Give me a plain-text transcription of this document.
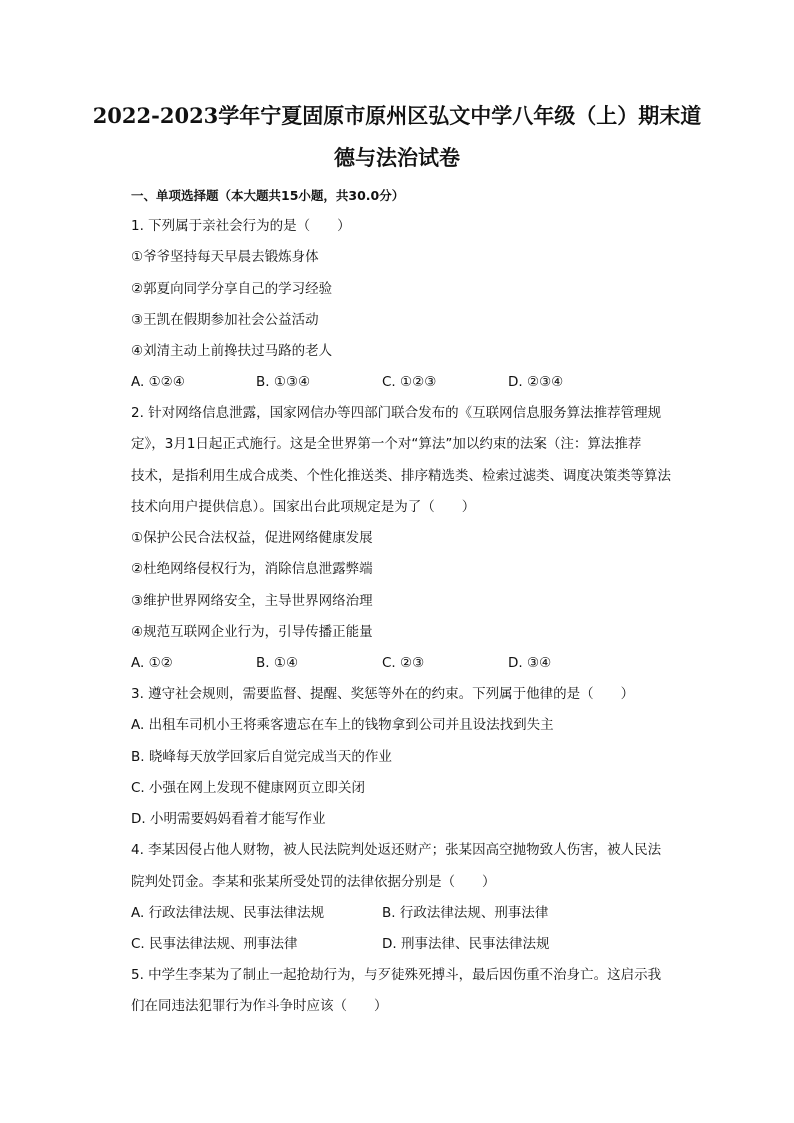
2022-2023学年宁夏固原市原州区弘文中学八年级（上）期末道
德与法治试卷
一、单项选择题（本大题共15小题，共30.0分）
1. 下列属于亲社会行为的是（　　）
①爷爷坚持每天早晨去锻炼身体
②郭夏向同学分享自己的学习经验
③王凯在假期参加社会公益活动
④刘清主动上前搀扶过马路的老人
A. ①②④	B. ①③④	C. ①②③	D. ②③④
2. 针对网络信息泄露，国家网信办等四部门联合发布的《互联网信息服务算法推荐管理规
定》，3月1日起正式施行。这是全世界第一个对“算法”加以约束的法案（注：算法推荐
技术，是指利用生成合成类、个性化推送类、排序精选类、检索过滤类、调度决策类等算法
技术向用户提供信息）。国家出台此项规定是为了（　　）
①保护公民合法权益，促进网络健康发展
②杜绝网络侵权行为，消除信息泄露弊端
③维护世界网络安全，主导世界网络治理
④规范互联网企业行为，引导传播正能量
A. ①②	B. ①④	C. ②③	D. ③④
3. 遵守社会规则，需要监督、提醒、奖惩等外在的约束。下列属于他律的是（　　）
A. 出租车司机小王将乘客遗忘在车上的钱物拿到公司并且设法找到失主
B. 晓峰每天放学回家后自觉完成当天的作业
C. 小强在网上发现不健康网页立即关闭
D. 小明需要妈妈看着才能写作业
4. 李某因侵占他人财物，被人民法院判处返还财产；张某因高空抛物致人伤害，被人民法
院判处罚金。李某和张某所受处罚的法律依据分别是（　　）
A. 行政法律法规、民事法律法规	B. 行政法律法规、刑事法律
C. 民事法律法规、刑事法律	D. 刑事法律、民事法律法规
5. 中学生李某为了制止一起抢劫行为，与歹徒殊死搏斗，最后因伤重不治身亡。这启示我
们在同违法犯罪行为作斗争时应该（　　）
